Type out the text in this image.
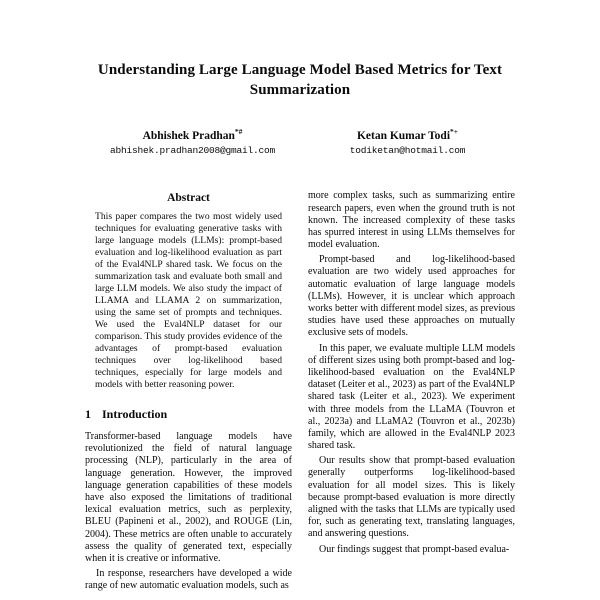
Understanding Large Language Model Based Metrics for Text Summarization
Abhishek Pradhan*#
abhishek.pradhan2008@gmail.com
Ketan Kumar Todi*+
todiketan@hotmail.com
Abstract

This paper compares the two most widely used techniques for evaluating generative tasks with large language models (LLMs): prompt-based evaluation and log-likelihood evaluation as part of the Eval4NLP shared task. We focus on the summarization task and evaluate both small and large LLM models. We also study the impact of LLAMA and LLAMA 2 on summarization, using the same set of prompts and techniques. We used the Eval4NLP dataset for our comparison. This study provides evidence of the advantages of prompt-based evaluation techniques over log-likelihood based techniques, especially for large models and models with better reasoning power.

1 Introduction

Transformer-based language models have revolutionized the field of natural language processing (NLP), particularly in the area of language generation. However, the improved language generation capabilities of these models have also exposed the limitations of traditional lexical evaluation metrics, such as perplexity, BLEU (Papineni et al., 2002), and ROUGE (Lin, 2004). These metrics are often unable to accurately assess the quality of generated text, especially when it is creative or informative.

In response, researchers have developed a wide range of new automatic evaluation models, such as

more complex tasks, such as summarizing entire research papers, even when the ground truth is not known. The increased complexity of these tasks has spurred interest in using LLMs themselves for model evaluation.

Prompt-based and log-likelihood-based evaluation are two widely used approaches for automatic evaluation of large language models (LLMs). However, it is unclear which approach works better with different model sizes, as previous studies have used these approaches on mutually exclusive sets of models.

In this paper, we evaluate multiple LLM models of different sizes using both prompt-based and log-likelihood-based evaluation on the Eval4NLP dataset (Leiter et al., 2023) as part of the Eval4NLP shared task (Leiter et al., 2023). We experiment with three models from the LLaMA (Touvron et al., 2023a) and LLaMA2 (Touvron et al., 2023b) family, which are allowed in the Eval4NLP 2023 shared task.

Our results show that prompt-based evaluation generally outperforms log-likelihood-based evaluation for all model sizes. This is likely because prompt-based evaluation is more directly aligned with the tasks that LLMs are typically used for, such as generating text, translating languages, and answering questions.

Our findings suggest that prompt-based evalua-
